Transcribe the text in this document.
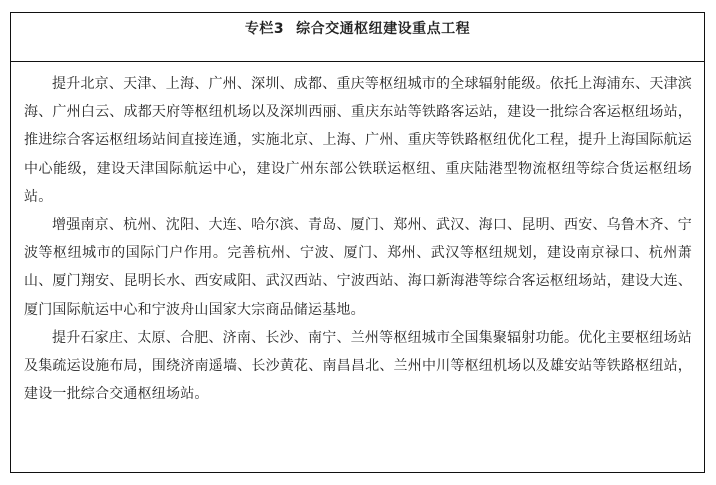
专栏3 综合交通枢纽建设重点工程

提升北京、天津、上海、广州、深圳、成都、重庆等枢纽城市的全球辐射能级。依托上海浦东、天津滨海、广州白云、成都天府等枢纽机场以及深圳西丽、重庆东站等铁路客运站，建设一批综合客运枢纽场站，推进综合客运枢纽场站间直接连通，实施北京、上海、广州、重庆等铁路枢纽优化工程，提升上海国际航运中心能级，建设天津国际航运中心，建设广州东部公铁联运枢纽、重庆陆港型物流枢纽等综合货运枢纽场站。

增强南京、杭州、沈阳、大连、哈尔滨、青岛、厦门、郑州、武汉、海口、昆明、西安、乌鲁木齐、宁波等枢纽城市的国际门户作用。完善杭州、宁波、厦门、郑州、武汉等枢纽规划，建设南京禄口、杭州萧山、厦门翔安、昆明长水、西安咸阳、武汉西站、宁波西站、海口新海港等综合客运枢纽场站，建设大连、厦门国际航运中心和宁波舟山国家大宗商品储运基地。

提升石家庄、太原、合肥、济南、长沙、南宁、兰州等枢纽城市全国集聚辐射功能。优化主要枢纽场站及集疏运设施布局，围绕济南遥墙、长沙黄花、南昌昌北、兰州中川等枢纽机场以及雄安站等铁路枢纽站，建设一批综合交通枢纽场站。
